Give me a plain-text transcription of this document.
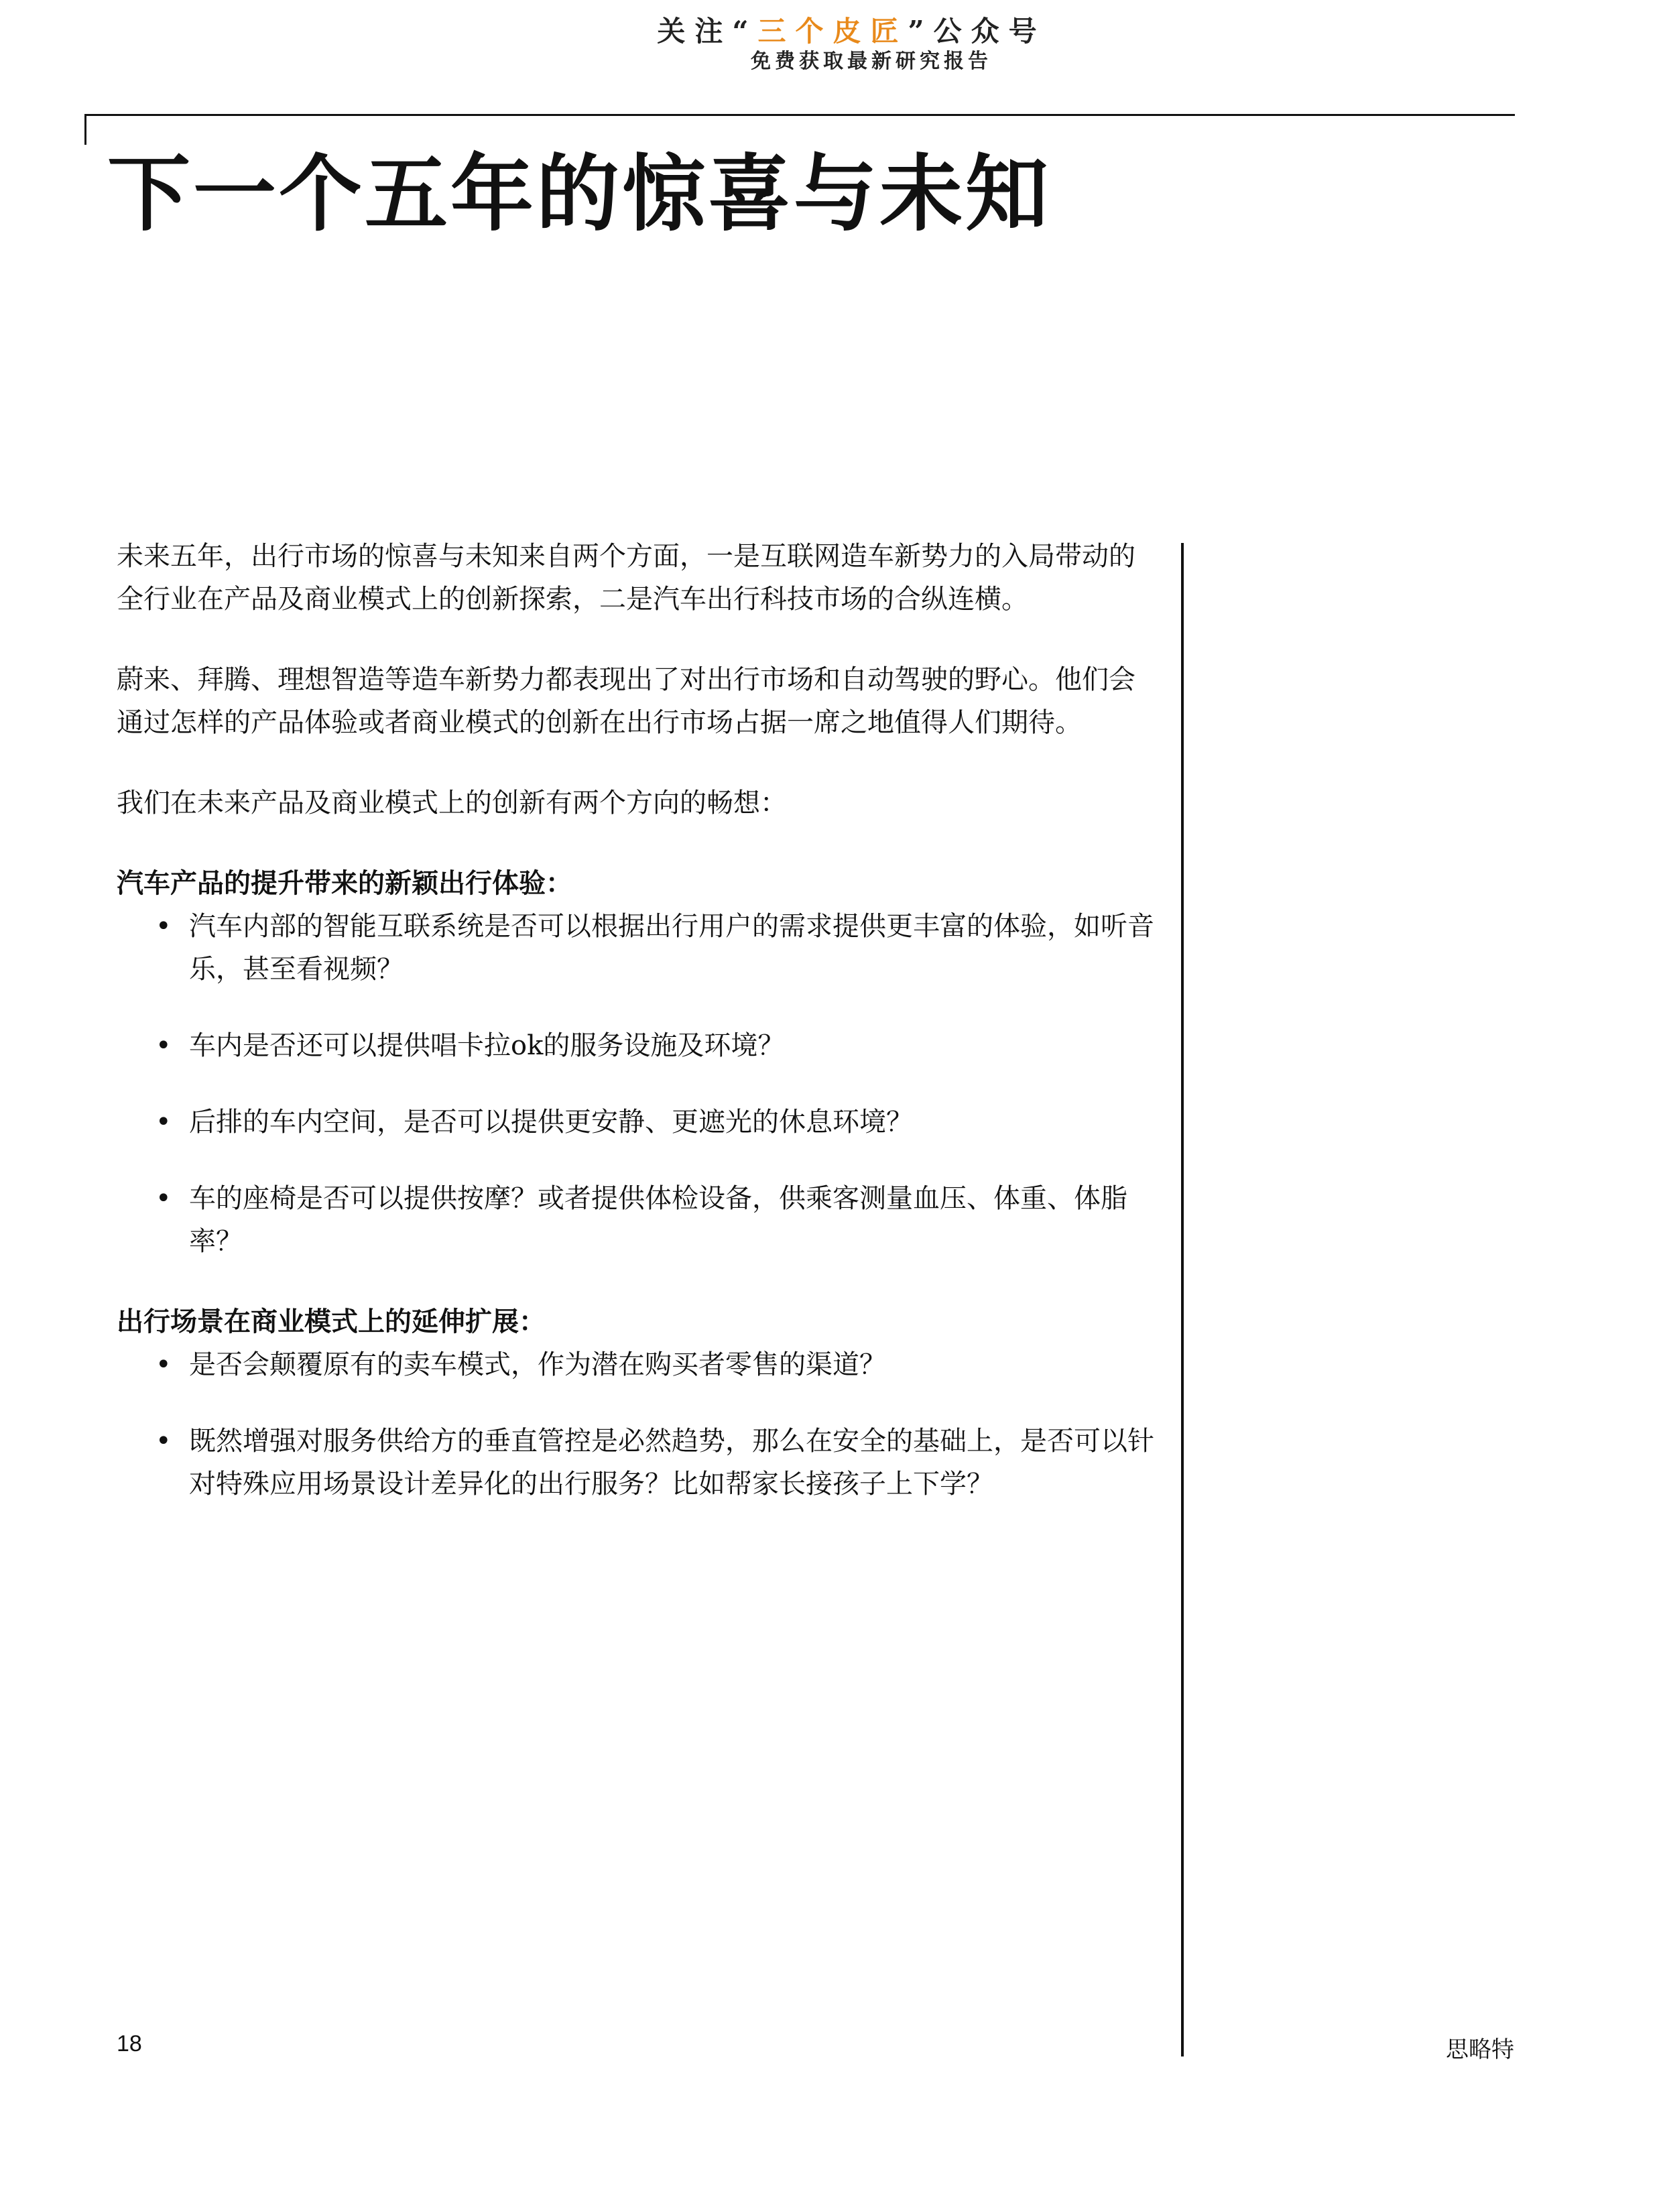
关注“三个皮匠”公众号
免费获取最新研究报告
下一个五年的惊喜与未知

未来五年，出行市场的惊喜与未知来自两个方面，一是互联网造车新势力的入局带动的全行业在产品及商业模式上的创新探索，二是汽车出行科技市场的合纵连横。

蔚来、拜腾、理想智造等造车新势力都表现出了对出行市场和自动驾驶的野心。他们会通过怎样的产品体验或者商业模式的创新在出行市场占据一席之地值得人们期待。

我们在未来产品及商业模式上的创新有两个方向的畅想：

汽车产品的提升带来的新颖出行体验：
• 汽车内部的智能互联系统是否可以根据出行用户的需求提供更丰富的体验，如听音乐，甚至看视频？
• 车内是否还可以提供唱卡拉ok的服务设施及环境？
• 后排的车内空间，是否可以提供更安静、更遮光的休息环境？
• 车的座椅是否可以提供按摩？或者提供体检设备，供乘客测量血压、体重、体脂率？
出行场景在商业模式上的延伸扩展：
• 是否会颠覆原有的卖车模式，作为潜在购买者零售的渠道？
• 既然增强对服务供给方的垂直管控是必然趋势，那么在安全的基础上，是否可以针对特殊应用场景设计差异化的出行服务？比如帮家长接孩子上下学？
18	思略特
